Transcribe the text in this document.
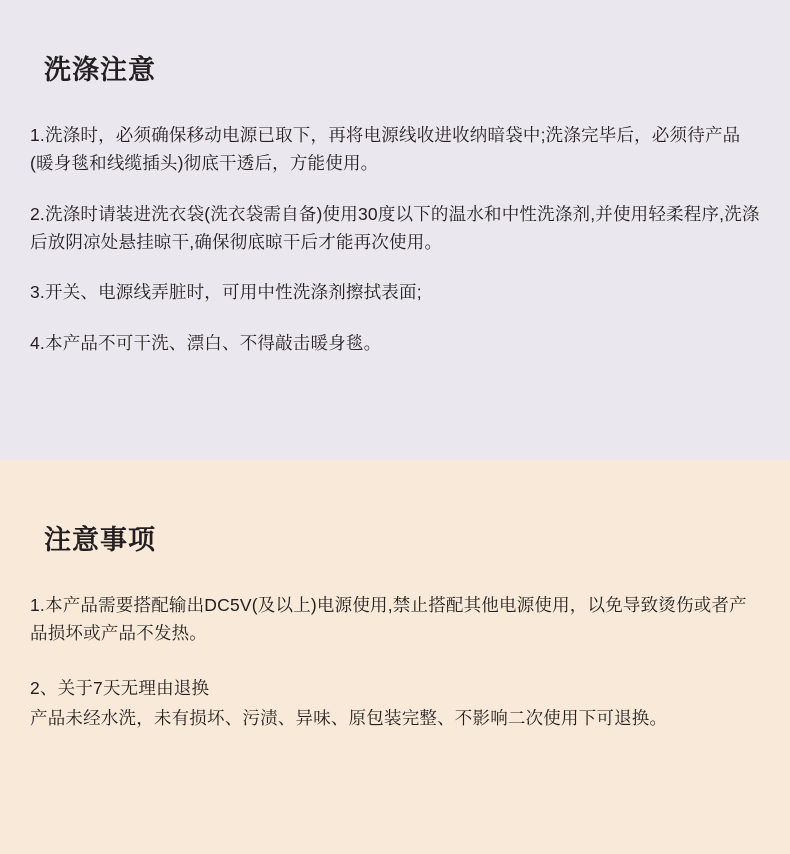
洗涤注意

1.洗涤时，必须确保移动电源已取下，再将电源线收进收纳暗袋中;洗涤完毕后，必须待产品(暖身毯和线缆插头)彻底干透后，方能使用。

2.洗涤时请装进洗衣袋(洗衣袋需自备)使用30度以下的温水和中性洗涤剂,并使用轻柔程序,洗涤后放阴凉处悬挂晾干,确保彻底晾干后才能再次使用。

3.开关、电源线弄脏时，可用中性洗涤剂擦拭表面;

4.本产品不可干洗、漂白、不得敲击暖身毯。

注意事项

1.本产品需要搭配输出DC5V(及以上)电源使用,禁止搭配其他电源使用，以免导致烫伤或者产品损坏或产品不发热。

2、关于7天无理由退换

产品未经水洗，未有损坏、污渍、异味、原包装完整、不影响二次使用下可退换。
